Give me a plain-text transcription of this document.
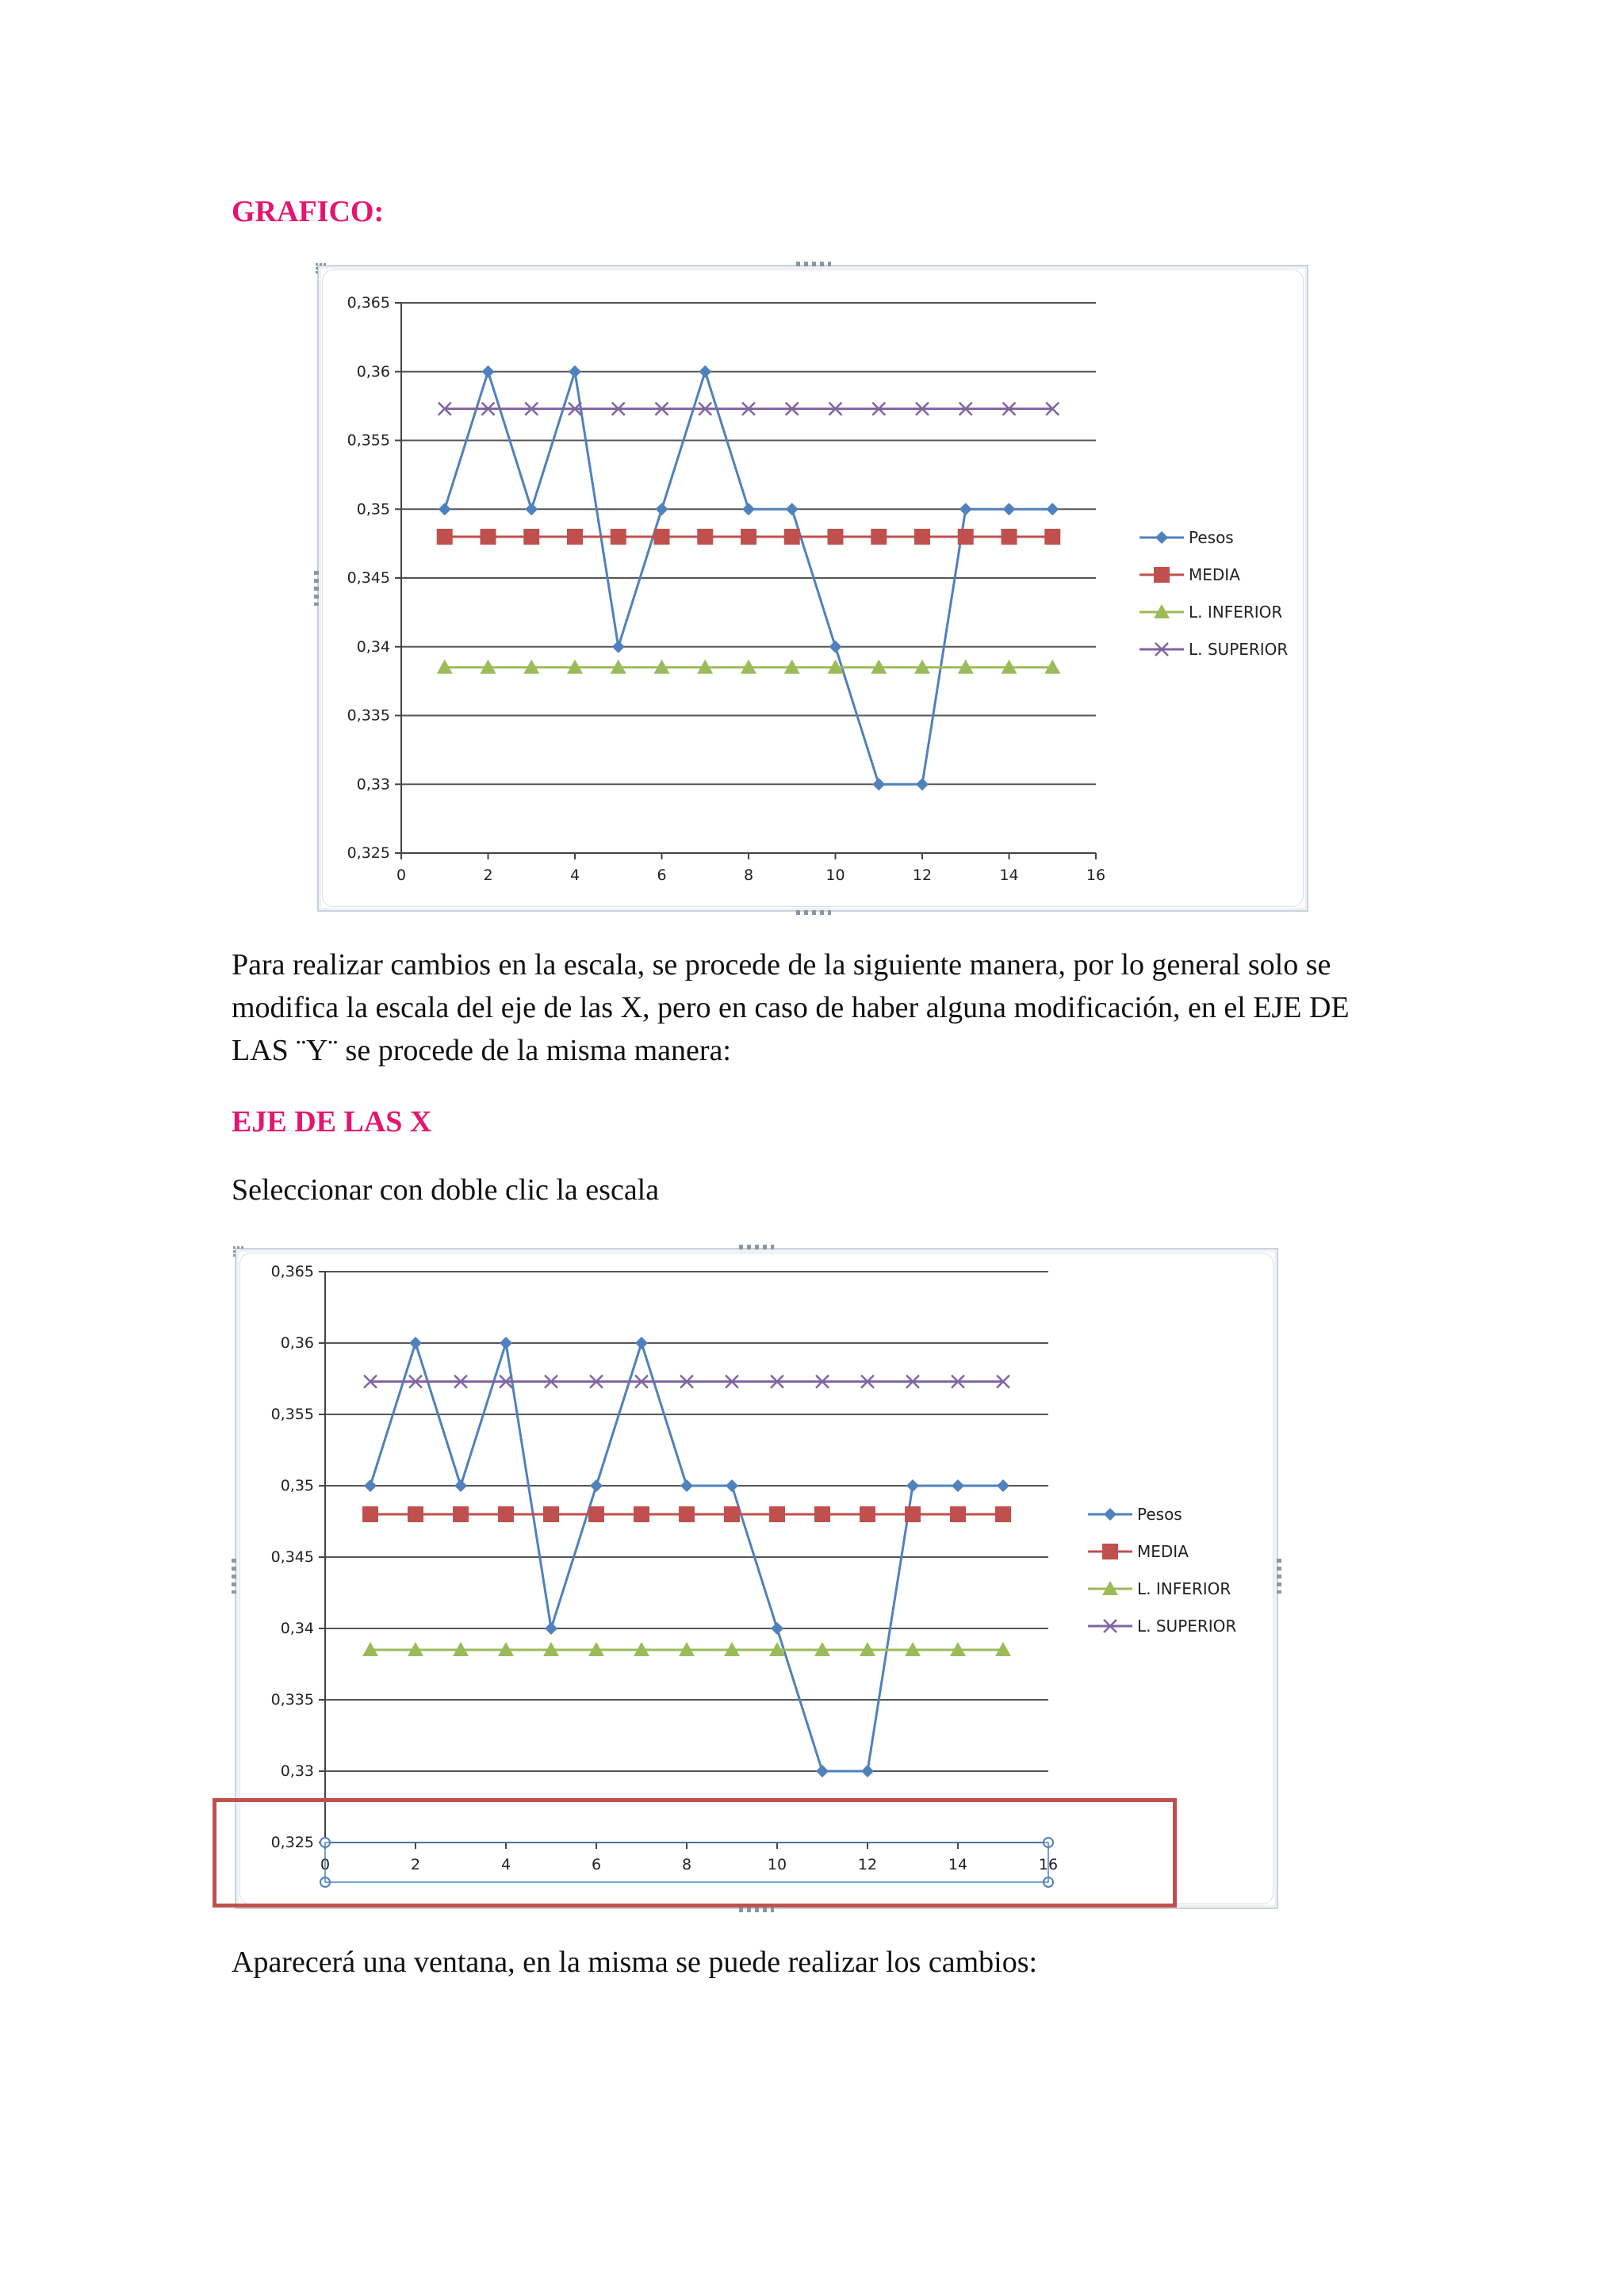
GRAFICO:
0,325
0,33
0,335
0,34
0,345
0,35
0,355
0,36
0,365
0	2	4	6	8	10	12	14	16
Pesos
MEDIA
L. INFERIOR
L. SUPERIOR

Para realizar cambios en la escala, se procede de la siguiente manera, por lo general solo se modifica la escala del eje de las X, pero en caso de haber alguna modificación, en el EJE DE LAS ¨Y¨ se procede de la misma manera:

EJE DE LAS X

Seleccionar con doble clic la escala

0,325
0,33
0,335
0,34
0,345
0,35
0,355
0,36
0,365
0	2	4	6	8	10	12	14	16
Pesos
MEDIA
L. INFERIOR
L. SUPERIOR

Aparecerá una ventana, en la misma se puede realizar los cambios:
